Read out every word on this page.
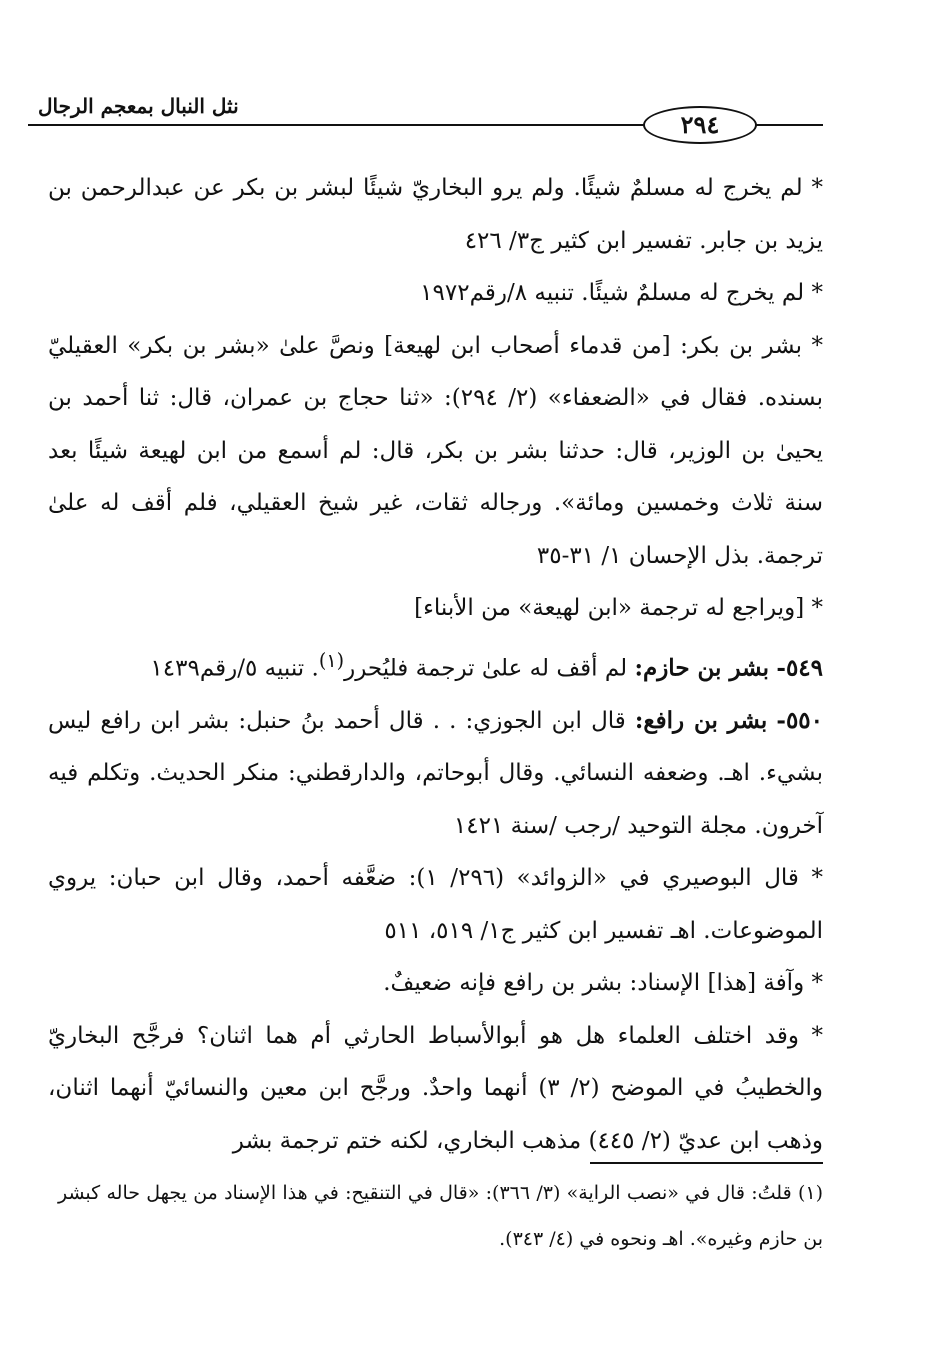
نثل النبال بمعجم الرجال
٢٩٤

* لم يخرج له مسلمٌ شيئًا. ولم يرو البخاريّ شيئًا لبشر بن بكر عن عبدالرحمن بن يزيد بن جابر. تفسير ابن كثير ج٣/ ٤٢٦

* لم يخرج له مسلمٌ شيئًا. تنبيه ٨/رقم١٩٧٢

* بشر بن بكر: [من قدماء أصحاب ابن لهيعة] ونصَّ علىٰ «بشر بن بكر» العقيليّ بسنده. فقال في «الضعفاء» (٢/ ٢٩٤): «ثنا حجاج بن عمران، قال: ثنا أحمد بن يحيىٰ بن الوزير، قال: حدثنا بشر بن بكر، قال: لم أسمع من ابن لهيعة شيئًا بعد سنة ثلاث وخمسين ومائة». ورجاله ثقات، غير شيخ العقيلي، فلم أقف له علىٰ ترجمة. بذل الإحسان ١/ ٣١-٣٥

* [ويراجع له ترجمة «ابن لهيعة» من الأبناء]

٥٤٩- بشر بن حازم: لم أقف له علىٰ ترجمة فليُحرر$^{(١)}$. تنبيه ٥/رقم١٤٣٩

٥٥٠- بشر بن رافع: قال ابن الجوزي: . . قال أحمد بنُ حنبل: بشر ابن رافع ليس بشيء. اهـ. وضعفه النسائي. وقال أبوحاتم، والدارقطني: منكر الحديث. وتكلم فيه آخرون. مجلة التوحيد /رجب /سنة ١٤٢١

* قال البوصيري في «الزوائد» (٢٩٦/ ١): ضعَّفه أحمد، وقال ابن حبان: يروي الموضوعات. اهـ تفسير ابن كثير ج١/ ٥١٩، ٥١١

* وآفة [هذا] الإسناد: بشر بن رافع فإنه ضعيفٌ.

* وقد اختلف العلماء هل هو أبوالأسباط الحارثي أم هما اثنان؟ فرجَّح البخاريّ والخطيبُ في الموضح (٢/ ٣) أنهما واحدٌ. ورجَّح ابن معين والنسائيّ أنهما اثنان، وذهب ابن عديّ (٢/ ٤٤٥) مذهب البخاري، لكنه ختم ترجمة بشر

(١) قلتُ: قال في «نصب الراية» (٣/ ٣٦٦): «قال في التنقيح: في هذا الإسناد من يجهل حاله كبشر بن حازم وغيره». اهـ ونحوه في (٤/ ٣٤٣).
